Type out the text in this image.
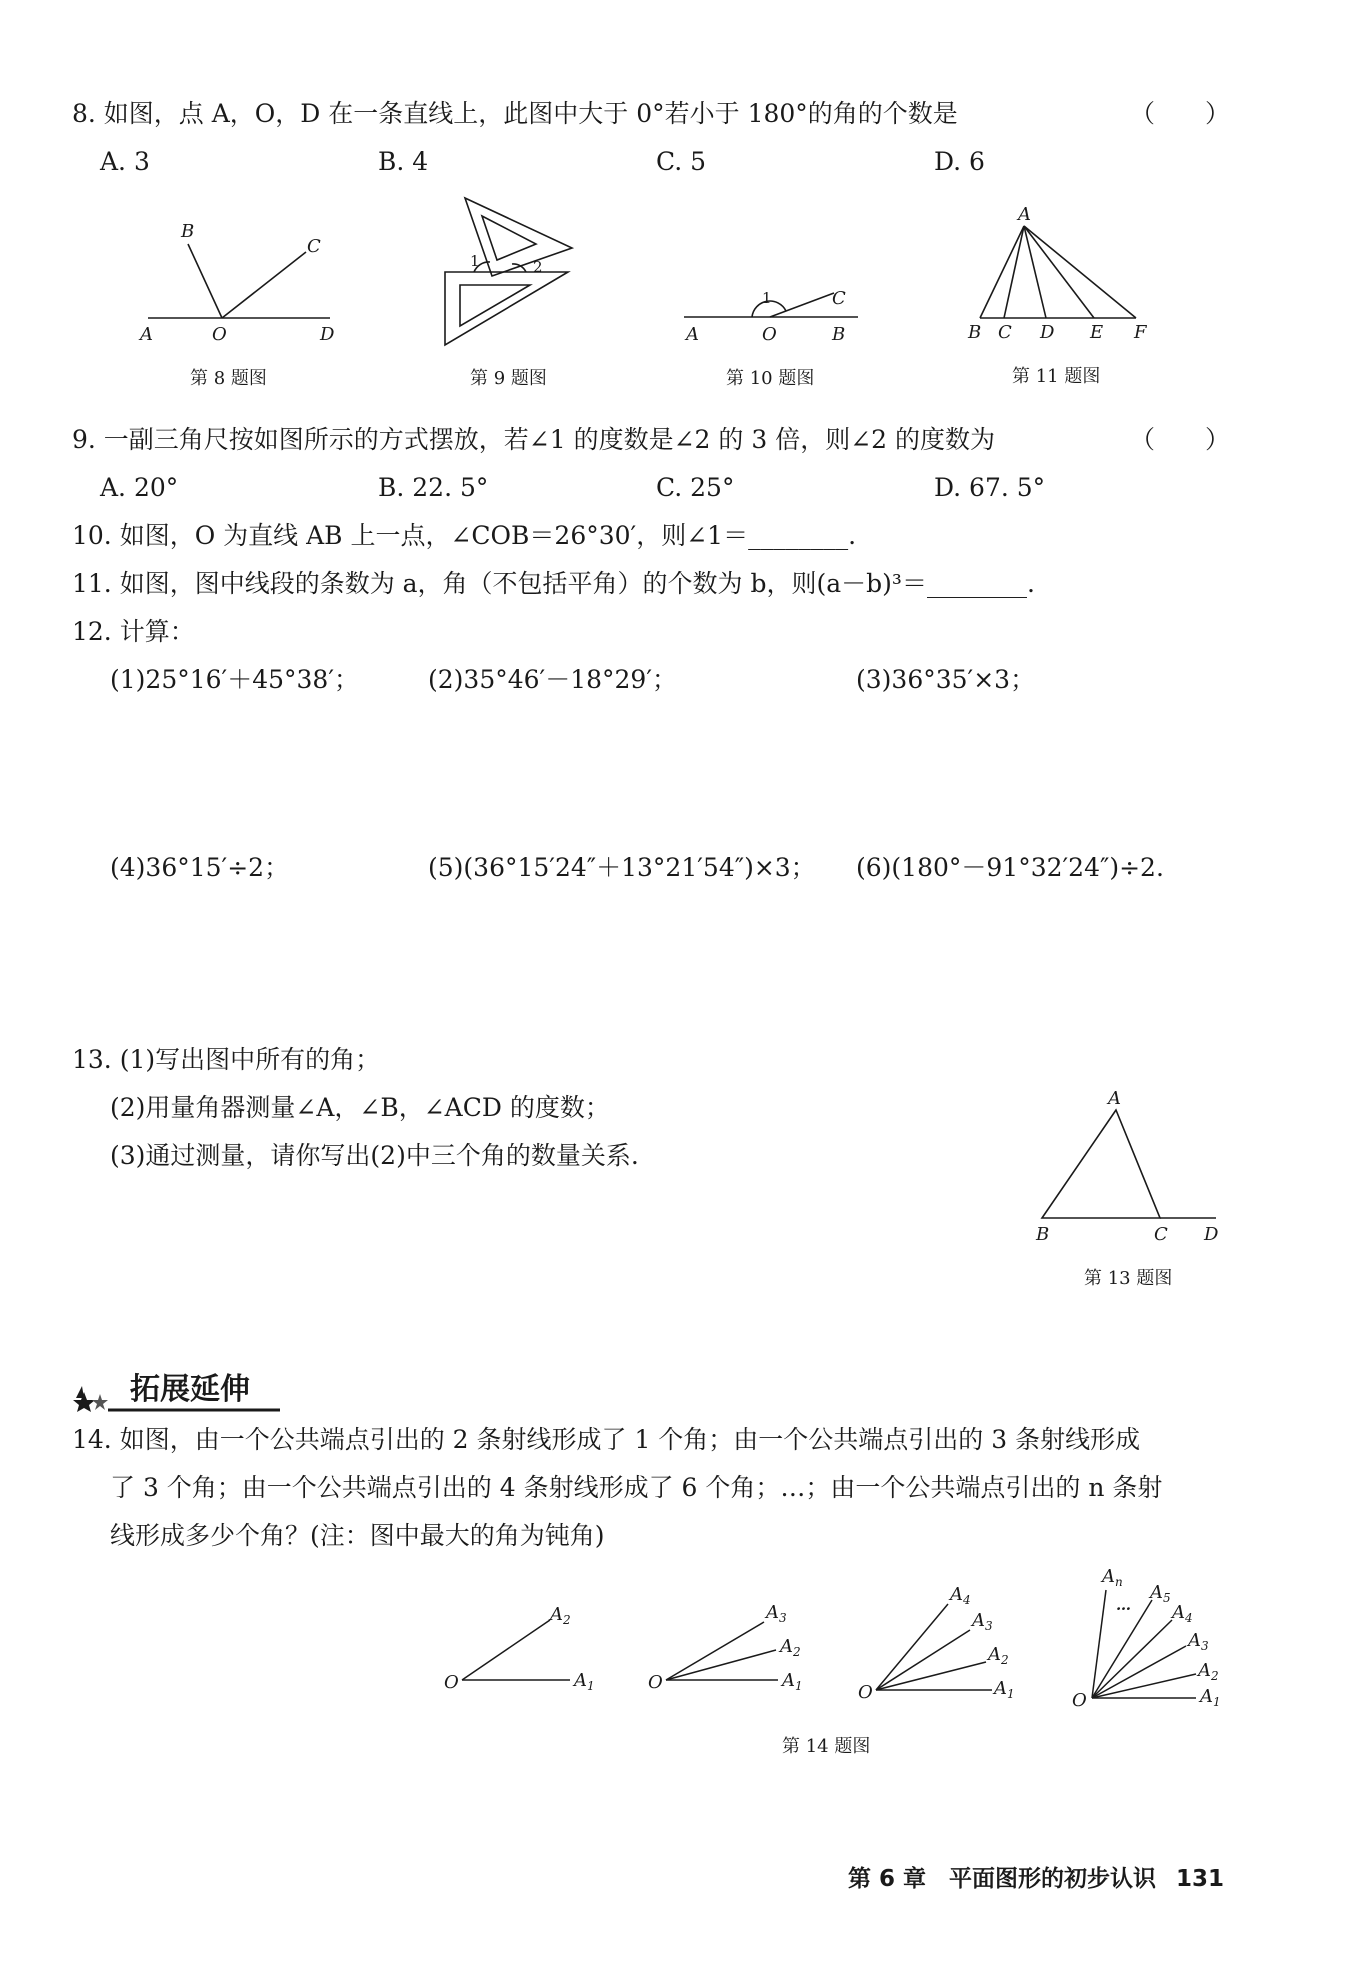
8. 如图，点 A，O，D 在一条直线上，此图中大于 0°若小于 180°的角的个数是	（　　）
A. 3	B. 4	C. 5	D. 6
B
C
A	O	D
第 8 题图
1	2
第 9 题图
1	C
A	O	B
第 10 题图
A
B C D E F
第 11 题图
9. 一副三角尺按如图所示的方式摆放，若∠1 的度数是∠2 的 3 倍，则∠2 的度数为	（　　）
A. 20°	B. 22. 5°	C. 25°	D. 67. 5°
10. 如图，O 为直线 AB 上一点，∠COB＝26°30′，则∠1＝________.
11. 如图，图中线段的条数为 a，角（不包括平角）的个数为 b，则(a－b)³＝________.
12. 计算：
(1)25°16′＋45°38′；	(2)35°46′－18°29′；	(3)36°35′×3；
(4)36°15′÷2；	(5)(36°15′24″＋13°21′54″)×3； (6)(180°－91°32′24″)÷2.
13. (1)写出图中所有的角；
(2)用量角器测量∠A，∠B，∠ACD 的度数；
(3)通过测量，请你写出(2)中三个角的数量关系.
A
B	C D
第 13 题图
拓展延伸
14. 如图，由一个公共端点引出的 2 条射线形成了 1 个角；由一个公共端点引出的 3 条射线形成
了 3 个角；由一个公共端点引出的 4 条射线形成了 6 个角；…；由一个公共端点引出的 n 条射
线形成多少个角？(注：图中最大的角为钝角)
O	$A_1$
$A_2$
O	$A_1$
$A_2$
$A_3$
O	$A_1$
$A_2$
$A_3$
$A_4$
O	$A_1$
$A_2$
$A_3$
$A_4$
$A_5$
…
$A_n$
第 14 题图
第 6 章　平面图形的初步认识 131
